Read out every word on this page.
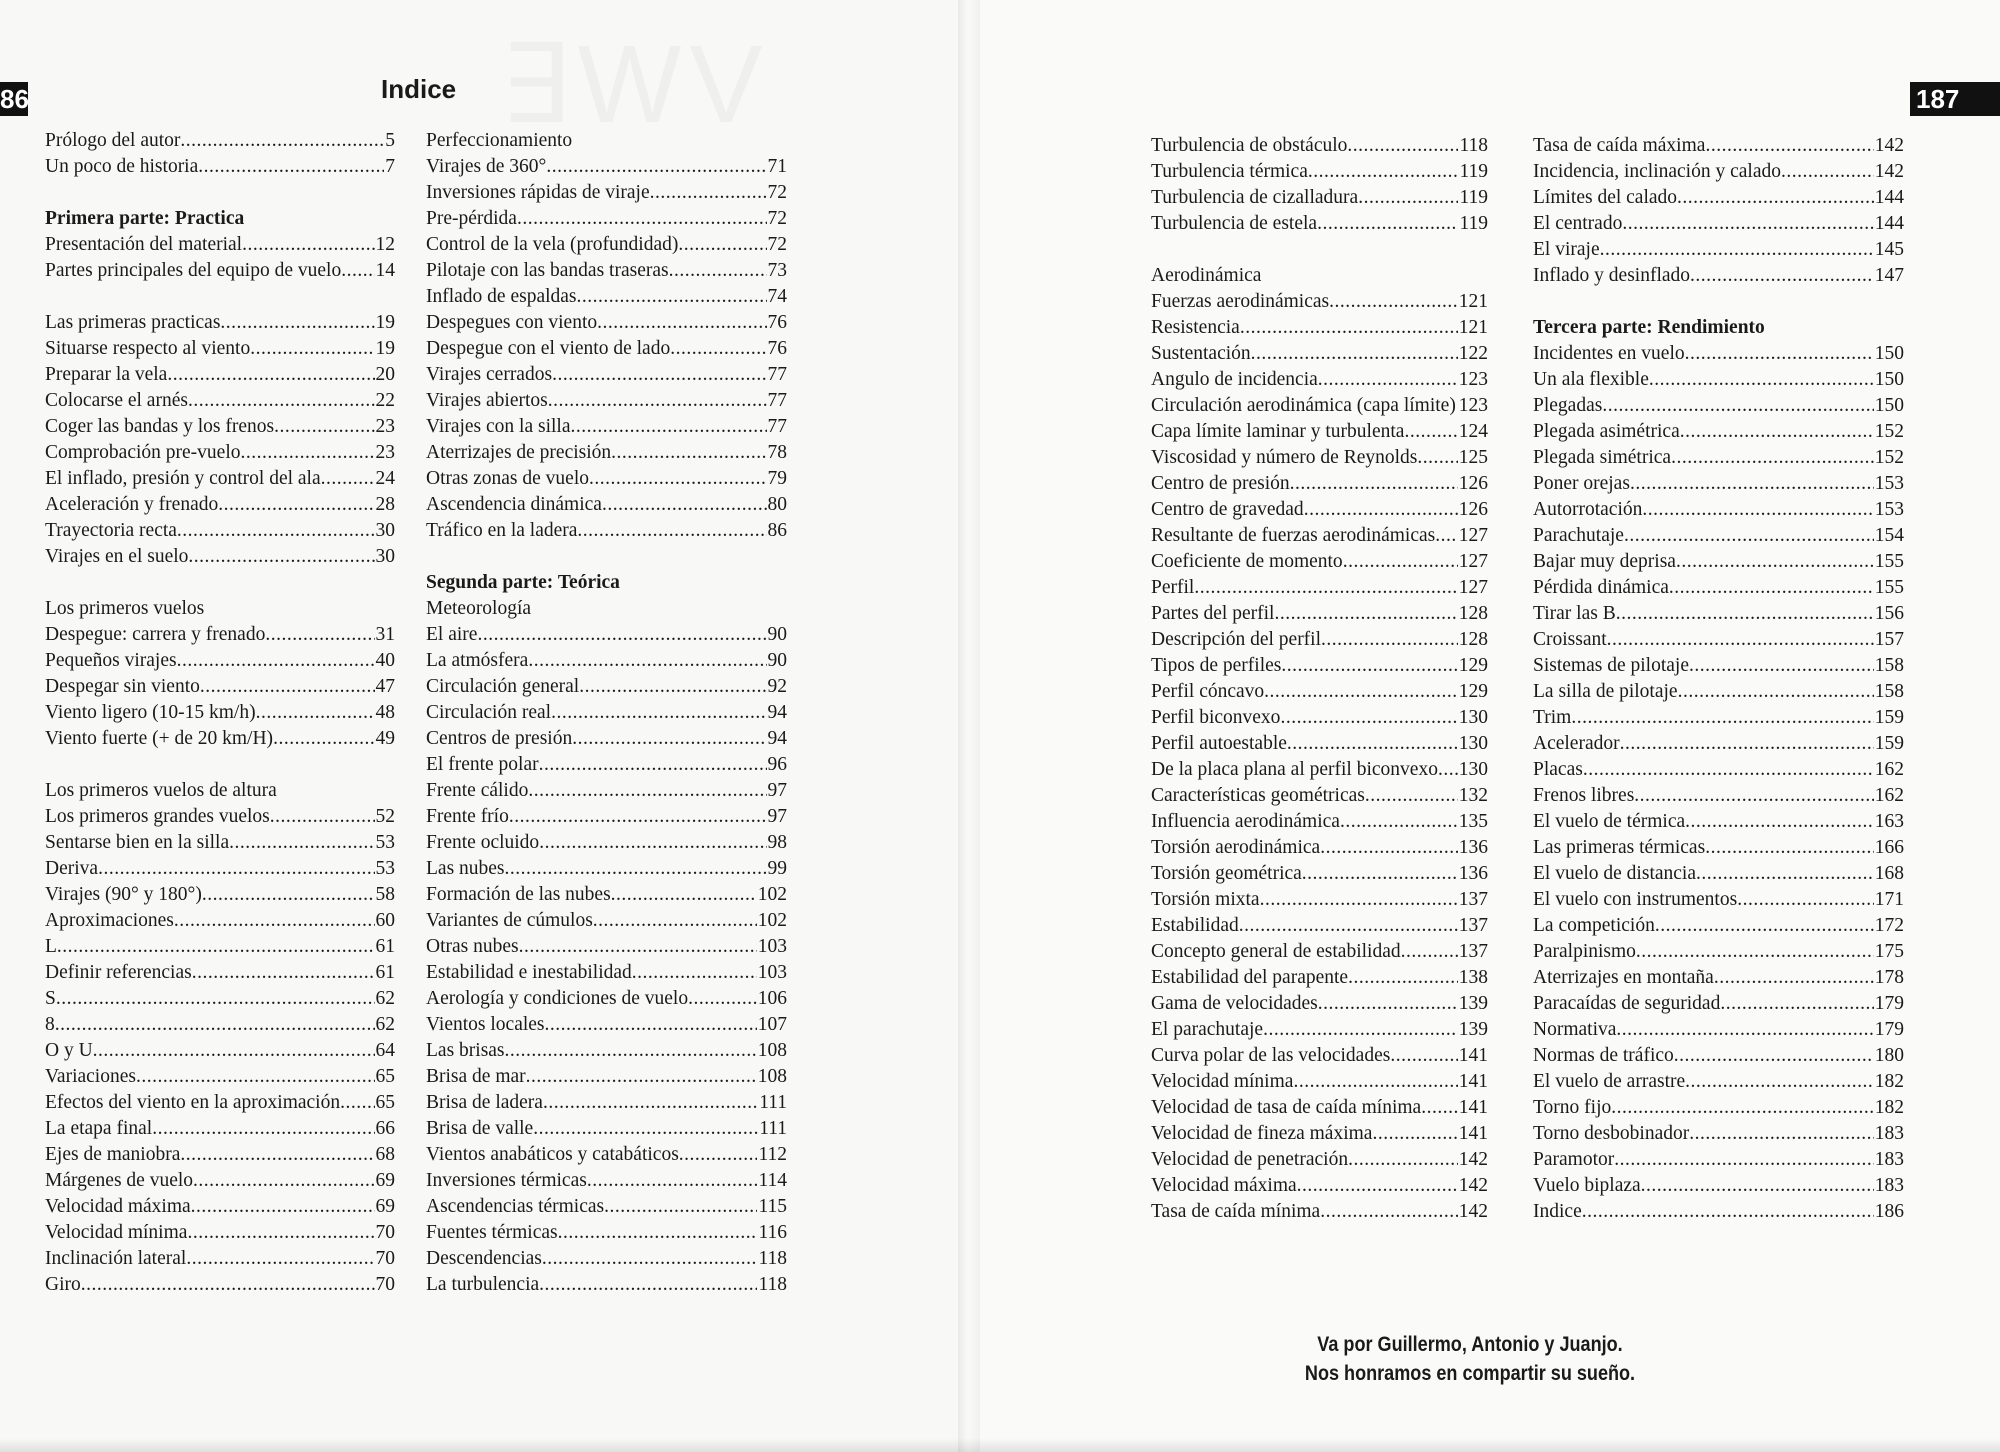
86	187
Indice
Prólogo del autor .....	5
Un poco de historia .....	7
Primera parte: Practica
Presentación del material .....	12
Partes principales del equipo de vuelo ..... 14
Las primeras practicas .....	19
Situarse respecto al viento .....	19
Preparar la vela .....	20
Colocarse el arnés .....	22
Coger las bandas y los frenos .....	23
Comprobación pre-vuelo .....	23
El inflado, presión y control del ala .....	24
Aceleración y frenado .....	28
Trayectoria recta .....	30
Virajes en el suelo .....	30
Los primeros vuelos
Despegue: carrera y frenado .....	31
Pequeños virajes .....	40
Despegar sin viento .....	47
Viento ligero (10-15 km/h) .....	48
Viento fuerte (+ de 20 km/H) .....	49
Los primeros vuelos de altura
Los primeros grandes vuelos .....	52
Sentarse bien en la silla .....	53
Deriva .....	53
Virajes (90° y 180°) .....	58
Aproximaciones .....	60
L .....	61
Definir referencias .....	61
S .....	62
8 .....	62
O y U .....	64
Variaciones .....	65
Efectos del viento en la aproximación ..... 65
La etapa final .....	66
Ejes de maniobra .....	68
Márgenes de vuelo .....	69
Velocidad máxima .....	69
Velocidad mínima .....	70
Inclinación lateral .....	70
Giro .....	70
Perfeccionamiento
Virajes de 360° .....	71
Inversiones rápidas de viraje .....	72
Pre-pérdida .....	72
Control de la vela (profundidad) .....	72
Pilotaje con las bandas traseras .....	73
Inflado de espaldas .....	74
Despegues con viento .....	76
Despegue con el viento de lado .....	76
Virajes cerrados .....	77
Virajes abiertos .....	77
Virajes con la silla .....	77
Aterrizajes de precisión .....	78
Otras zonas de vuelo .....	79
Ascendencia dinámica .....	80
Tráfico en la ladera .....	86
Segunda parte: Teórica
Meteorología
El aire .....	90
La atmósfera .....	90
Circulación general .....	92
Circulación real .....	94
Centros de presión .....	94
El frente polar .....	96
Frente cálido .....	97
Frente frío .....	97
Frente ocluido .....	98
Las nubes .....	99
Formación de las nubes .....	102
Variantes de cúmulos .....	102
Otras nubes .....	103
Estabilidad e inestabilidad .....	103
Aerología y condiciones de vuelo .....	106
Vientos locales .....	107
Las brisas .....	108
Brisa de mar .....	108
Brisa de ladera .....	111
Brisa de valle .....	111
Vientos anabáticos y catabáticos .....	112
Inversiones térmicas .....	114
Ascendencias térmicas .....	115
Fuentes térmicas .....	116
Descendencias .....	118
La turbulencia .....	118
Turbulencia de obstáculo .....	118
Turbulencia térmica .....	119
Turbulencia de cizalladura .....	119
Turbulencia de estela .....	119
Aerodinámica
Fuerzas aerodinámicas .....	121
Resistencia .....	121
Sustentación .....	122
Angulo de incidencia .....	123
Circulación aerodinámica (capa límite) 123
Capa límite laminar y turbulenta .....	124
Viscosidad y número de Reynolds ..... 125
Centro de presión .....	126
Centro de gravedad .....	126
Resultante de fuerzas aerodinámicas ..... 127
Coeficiente de momento .....	127
Perfil .....	127
Partes del perfil .....	128
Descripción del perfil .....	128
Tipos de perfiles .....	129
Perfil cóncavo .....	129
Perfil biconvexo .....	130
Perfil autoestable .....	130
De la placa plana al perfil biconvexo ..... 130
Características geométricas .....	132
Influencia aerodinámica .....	135
Torsión aerodinámica .....	136
Torsión geométrica .....	136
Torsión mixta .....	137
Estabilidad .....	137
Concepto general de estabilidad .....	137
Estabilidad del parapente .....	138
Gama de velocidades .....	139
El parachutaje .....	139
Curva polar de las velocidades .....	141
Velocidad mínima .....	141
Velocidad de tasa de caída mínima ..... 141
Velocidad de fineza máxima .....	141
Velocidad de penetración .....	142
Velocidad máxima .....	142
Tasa de caída mínima .....	142
Tasa de caída máxima .....	142
Incidencia, inclinación y calado .....	142
Límites del calado .....	144
El centrado .....	144
El viraje .....	145
Inflado y desinflado .....	147
Tercera parte: Rendimiento
Incidentes en vuelo .....	150
Un ala flexible .....	150
Plegadas .....	150
Plegada asimétrica .....	152
Plegada simétrica .....	152
Poner orejas .....	153
Autorrotación .....	153
Parachutaje .....	154
Bajar muy deprisa .....	155
Pérdida dinámica .....	155
Tirar las B .....	156
Croissant .....	157
Sistemas de pilotaje .....	158
La silla de pilotaje .....	158
Trim .....	159
Acelerador .....	159
Placas .....	162
Frenos libres .....	162
El vuelo de térmica .....	163
Las primeras térmicas .....	166
El vuelo de distancia .....	168
El vuelo con instrumentos .....	171
La competición .....	172
Paralpinismo .....	175
Aterrizajes en montaña .....	178
Paracaídas de seguridad .....	179
Normativa .....	179
Normas de tráfico .....	180
El vuelo de arrastre .....	182
Torno fijo .....	182
Torno desbobinador .....	183
Paramotor .....	183
Vuelo biplaza .....	183
Indice .....	186
Va por Guillermo, Antonio y Juanjo.
Nos honramos en compartir su sueño.
